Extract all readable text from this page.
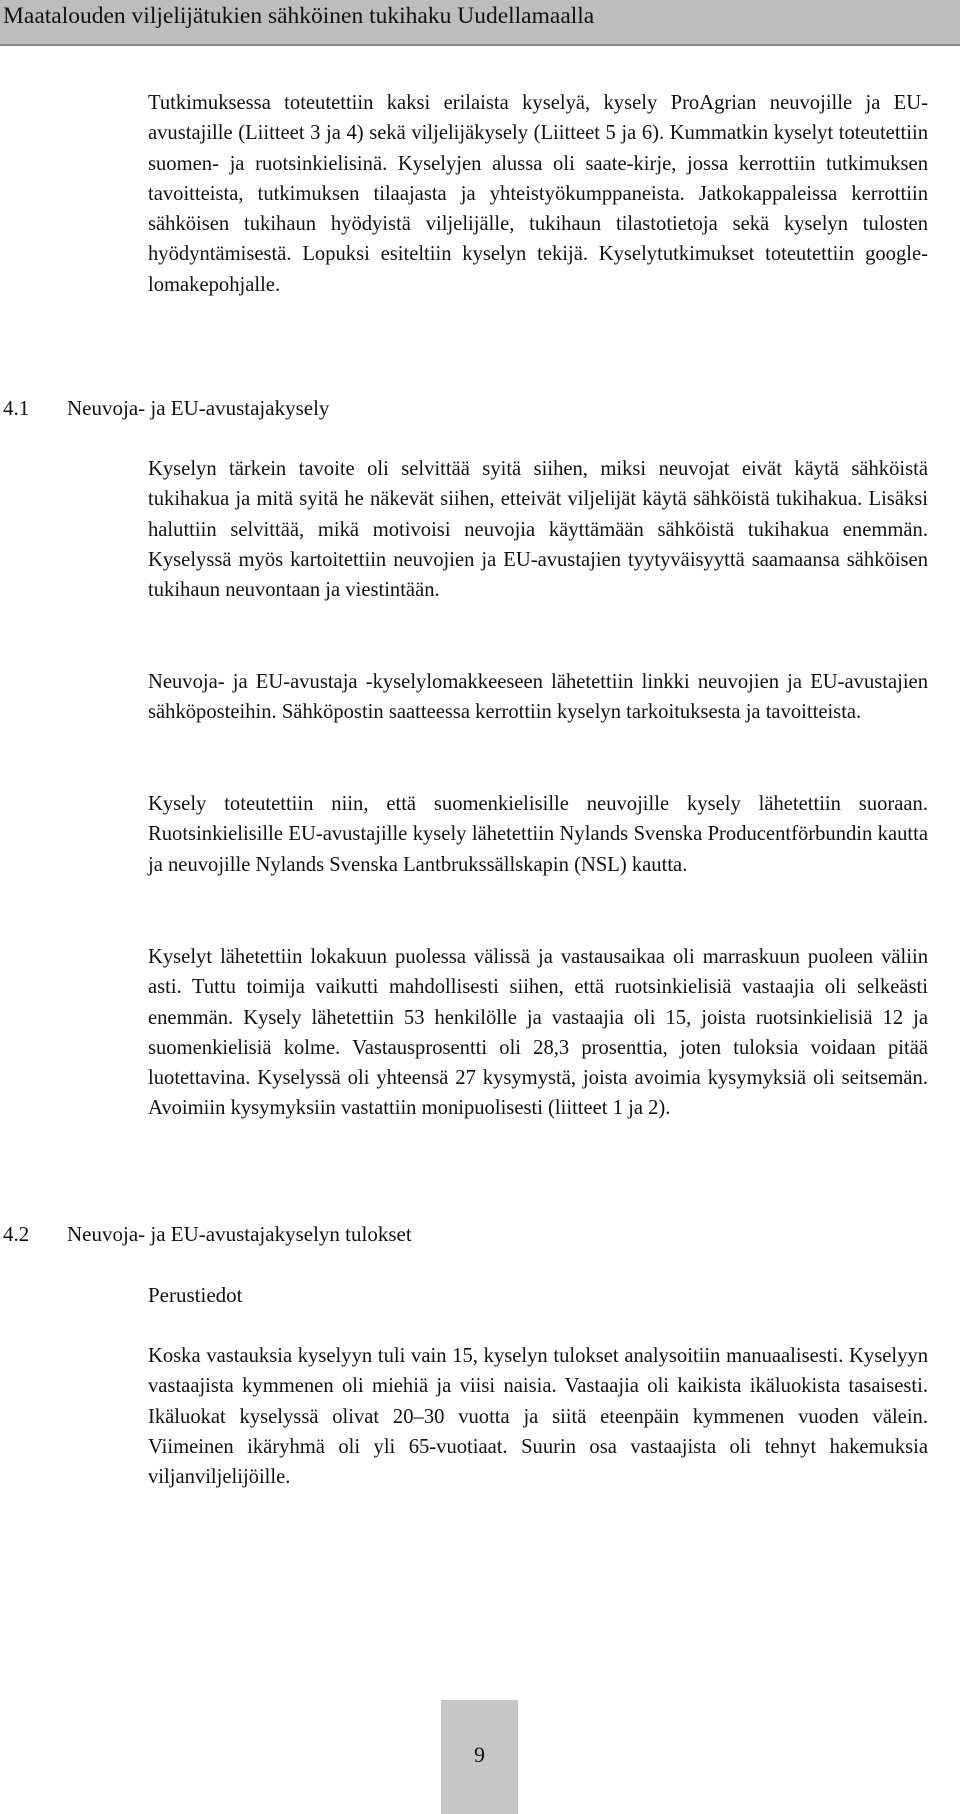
Maatalouden viljelijätukien sähköinen tukihaku Uudellamaalla

Tutkimuksessa toteutettiin kaksi erilaista kyselyä, kysely ProAgrian neuvojille ja EU-avustajille (Liitteet 3 ja 4) sekä viljelijäkysely (Liitteet 5 ja 6). Kummatkin kyselyt toteutettiin suomen- ja ruotsinkielisinä. Kyselyjen alussa oli saate-kirje, jossa kerrottiin tutkimuksen tavoitteista, tutkimuksen tilaajasta ja yhteistyökumppaneista. Jatkokappaleissa kerrottiin sähköisen tukihaun hyödyistä viljelijälle, tukihaun tilastotietoja sekä kyselyn tulosten hyödyntämisestä. Lopuksi esiteltiin kyselyn tekijä. Kyselytutkimukset toteutettiin google-lomakepohjalle.

4.1 Neuvoja- ja EU-avustajakysely

Kyselyn tärkein tavoite oli selvittää syitä siihen, miksi neuvojat eivät käytä sähköistä tukihakua ja mitä syitä he näkevät siihen, etteivät viljelijät käytä sähköistä tukihakua. Lisäksi haluttiin selvittää, mikä motivoisi neuvojia käyttämään sähköistä tukihakua enemmän. Kyselyssä myös kartoitettiin neuvojien ja EU-avustajien tyytyväisyyttä saamaansa sähköisen tukihaun neuvontaan ja viestintään.

Neuvoja- ja EU-avustaja -kyselylomakkeeseen lähetettiin linkki neuvojien ja EU-avustajien sähköposteihin. Sähköpostin saatteessa kerrottiin kyselyn tarkoituksesta ja tavoitteista.

Kysely toteutettiin niin, että suomenkielisille neuvojille kysely lähetettiin suoraan. Ruotsinkielisille EU-avustajille kysely lähetettiin Nylands Svenska Producentförbundin kautta ja neuvojille Nylands Svenska Lantbrukssällskapin (NSL) kautta.

Kyselyt lähetettiin lokakuun puolessa välissä ja vastausaikaa oli marraskuun puoleen väliin asti. Tuttu toimija vaikutti mahdollisesti siihen, että ruotsinkielisiä vastaajia oli selkeästi enemmän. Kysely lähetettiin 53 henkilölle ja vastaajia oli 15, joista ruotsinkielisiä 12 ja suomenkielisiä kolme. Vastausprosentti oli 28,3 prosenttia, joten tuloksia voidaan pitää luotettavina. Kyselyssä oli yhteensä 27 kysymystä, joista avoimia kysymyksiä oli seitsemän. Avoimiin kysymyksiin vastattiin monipuolisesti (liitteet 1 ja 2).

4.2 Neuvoja- ja EU-avustajakyselyn tulokset
Perustiedot

Koska vastauksia kyselyyn tuli vain 15, kyselyn tulokset analysoitiin manuaalisesti. Kyselyyn vastaajista kymmenen oli miehiä ja viisi naisia. Vastaajia oli kaikista ikäluokista tasaisesti. Ikäluokat kyselyssä olivat 20–30 vuotta ja siitä eteenpäin kymmenen vuoden välein. Viimeinen ikäryhmä oli yli 65-vuotiaat. Suurin osa vastaajista oli tehnyt hakemuksia viljanviljelijöille.

9
